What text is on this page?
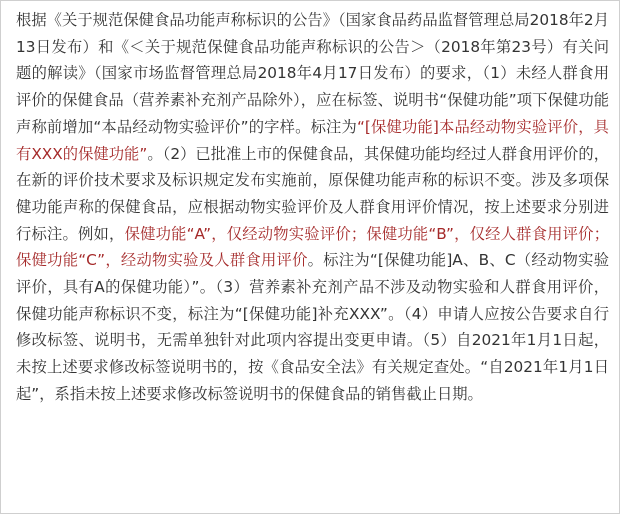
根据《关于规范保健食品功能声称标识的公告》（国家食品药品监督管理总局2018年2月13日发布）和《＜关于规范保健食品功能声称标识的公告＞（2018年第23号）有关问题的解读》（国家市场监督管理总局2018年4月17日发布）的要求，（1）未经人群食用评价的保健食品（营养素补充剂产品除外），应在标签、说明书“保健功能”项下保健功能声称前增加“本品经动物实验评价”的字样。标注为“[保健功能]本品经动物实验评价，具有XXX的保健功能”。（2）已批准上市的保健食品，其保健功能均经过人群食用评价的，在新的评价技术要求及标识规定发布实施前，原保健功能声称的标识不变。涉及多项保健功能声称的保健食品，应根据动物实验评价及人群食用评价情况，按上述要求分别进行标注。例如，保健功能“A”，仅经动物实验评价；保健功能“B”，仅经人群食用评价；保健功能“C”，经动物实验及人群食用评价。标注为“[保健功能]A、B、C（经动物实验评价，具有A的保健功能）”。（3）营养素补充剂产品不涉及动物实验和人群食用评价，保健功能声称标识不变，标注为“[保健功能]补充XXX”。（4）申请人应按公告要求自行修改标签、说明书，无需单独针对此项内容提出变更申请。（5）自2021年1月1日起，未按上述要求修改标签说明书的，按《食品安全法》有关规定查处。“自2021年1月1日起”，系指未按上述要求修改标签说明书的保健食品的销售截止日期。
